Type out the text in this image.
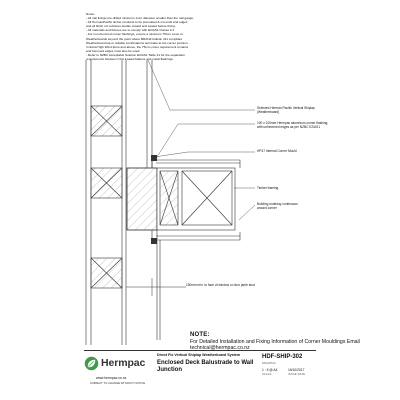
Notes:
- All nail fixings pre-drilled minimum 1mm diameter smaller than the nail gauge.
- All HermanPacific timber products to be precoated & cut ends and edges
and all finish cut surfaces double coated and sealed before fixing.
- All materials and fixtures are to comply with E2/AS1 Clause 2.2
- For non-hemmed corner flashings, ensure a minimum 75mm cover to
Weatherboards beyond the point where BRANZ bulletin 411 compliant
Weatherboard lap or reliable combinations terminate at the corner junction.
In Extra High Wind Zone and above, the 75mm cover requirement remains
and hemmed edges must also be used.
- Refer to NZBC Acceptable Solution E2/AS1 Table 21 for the separation
requirements between CCA treated battens and metal flashings.
Selected Herman Pacific Vertical Shiplap (Weatherboard)
100 x 100mm Hermpac aluminium corner flashing, with unhemmed edges as per NZBC E2/AS1
HP47 Internal Corner Mould
Timber framing
Building underlay continuous around corner
150mm min. to face of window or door jamb stud
NOTE:
For Detailed Installation and Fixing Information of Corner Mouldings Email technical@hermpac.co.nz
Hermpac
www.hermpac.co.nz
SUBJECT TO CHANGE WITHOUT NOTICE
Direct Fix Vertical Shiplap Weatherboard System
Enclosed Deck Balustrade to Wall Junction
HDF-SHIP-302
DRAWING
1 : 5 @ A4
SCALE
16/10/2017
ISSUE DATE
